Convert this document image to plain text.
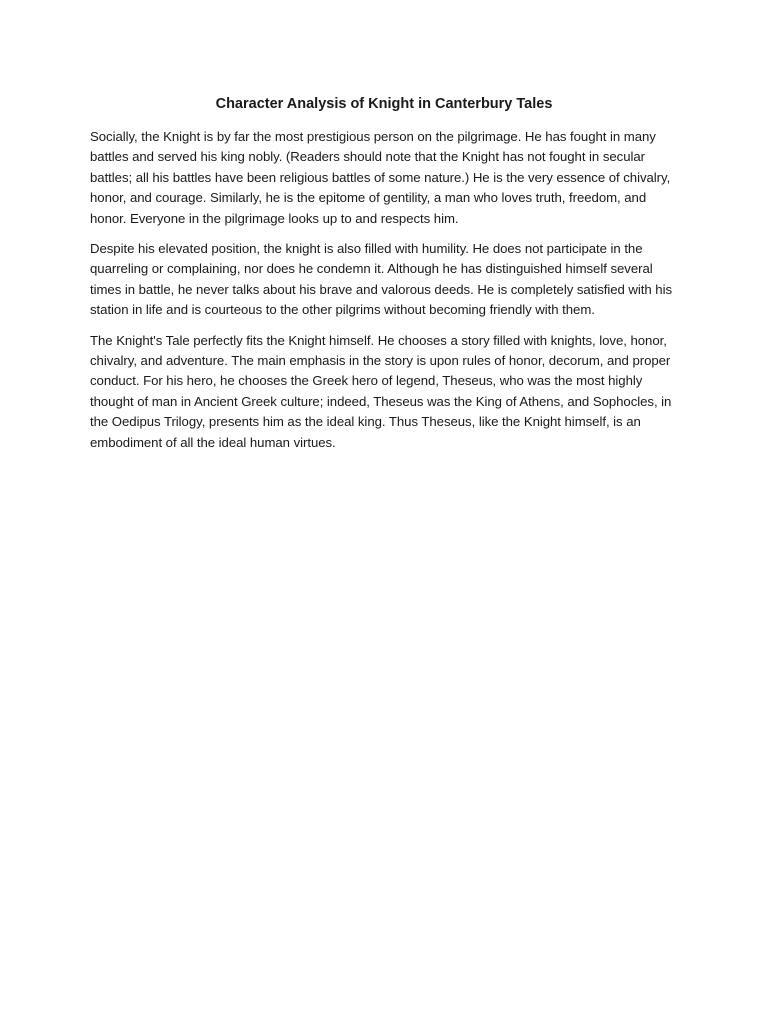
Character Analysis of Knight in Canterbury Tales

Socially, the Knight is by far the most prestigious person on the pilgrimage. He has fought in many battles and served his king nobly. (Readers should note that the Knight has not fought in secular battles; all his battles have been religious battles of some nature.) He is the very essence of chivalry, honor, and courage. Similarly, he is the epitome of gentility, a man who loves truth, freedom, and honor. Everyone in the pilgrimage looks up to and respects him.

Despite his elevated position, the knight is also filled with humility. He does not participate in the quarreling or complaining, nor does he condemn it. Although he has distinguished himself several times in battle, he never talks about his brave and valorous deeds. He is completely satisfied with his station in life and is courteous to the other pilgrims without becoming friendly with them.

The Knight's Tale perfectly fits the Knight himself. He chooses a story filled with knights, love, honor, chivalry, and adventure. The main emphasis in the story is upon rules of honor, decorum, and proper conduct. For his hero, he chooses the Greek hero of legend, Theseus, who was the most highly thought of man in Ancient Greek culture; indeed, Theseus was the King of Athens, and Sophocles, in the Oedipus Trilogy, presents him as the ideal king. Thus Theseus, like the Knight himself, is an embodiment of all the ideal human virtues.
